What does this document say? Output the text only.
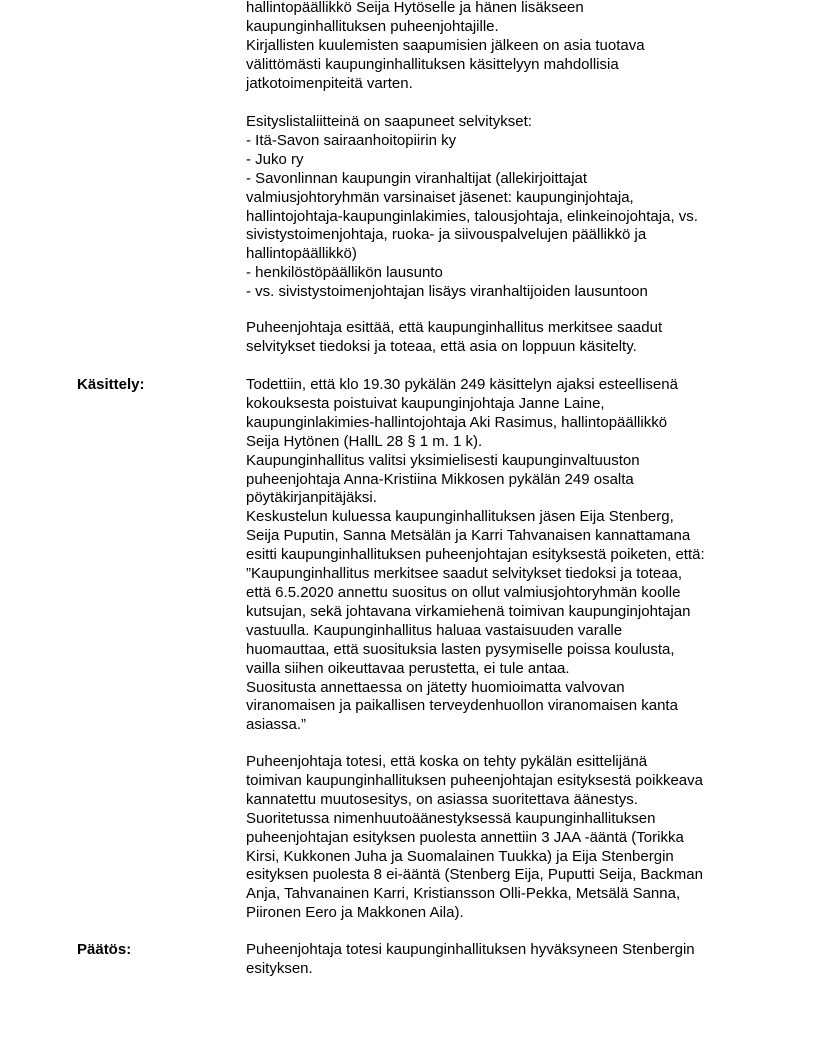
hallintopäällikkö Seija Hytöselle ja hänen lisäkseen
kaupunginhallituksen puheenjohtajille.
Kirjallisten kuulemisten saapumisien jälkeen on asia tuotava
välittömästi kaupunginhallituksen käsittelyyn mahdollisia
jatkotoimenpiteitä varten.
Esityslistaliitteinä on saapuneet selvitykset:
- Itä-Savon sairaanhoitopiirin ky
- Juko ry
- Savonlinnan kaupungin viranhaltijat (allekirjoittajat
valmiusjohtoryhmän varsinaiset jäsenet: kaupunginjohtaja,
hallintojohtaja-kaupunginlakimies, talousjohtaja, elinkeinojohtaja, vs.
sivistystoimenjohtaja, ruoka- ja siivouspalvelujen päällikkö ja
hallintopäällikkö)
- henkilöstöpäällikön lausunto
- vs. sivistystoimenjohtajan lisäys viranhaltijoiden lausuntoon
Puheenjohtaja esittää, että kaupunginhallitus merkitsee saadut
selvitykset tiedoksi ja toteaa, että asia on loppuun käsitelty.
Käsittely:	Todettiin, että klo 19.30 pykälän 249 käsittelyn ajaksi esteellisenä
kokouksesta poistuivat kaupunginjohtaja Janne Laine,
kaupunginlakimies-hallintojohtaja Aki Rasimus, hallintopäällikkö
Seija Hytönen (HallL 28 § 1 m. 1 k).
Kaupunginhallitus valitsi yksimielisesti kaupunginvaltuuston
puheenjohtaja Anna-Kristiina Mikkosen pykälän 249 osalta
pöytäkirjanpitäjäksi.
Keskustelun kuluessa kaupunginhallituksen jäsen Eija Stenberg,
Seija Puputin, Sanna Metsälän ja Karri Tahvanaisen kannattamana
esitti kaupunginhallituksen puheenjohtajan esityksestä poiketen, että:
”Kaupunginhallitus merkitsee saadut selvitykset tiedoksi ja toteaa,
että 6.5.2020 annettu suositus on ollut valmiusjohtoryhmän koolle
kutsujan, sekä johtavana virkamiehenä toimivan kaupunginjohtajan
vastuulla. Kaupunginhallitus haluaa vastaisuuden varalle
huomauttaa, että suosituksia lasten pysymiselle poissa koulusta,
vailla siihen oikeuttavaa perustetta, ei tule antaa.
Suositusta annettaessa on jätetty huomioimatta valvovan
viranomaisen ja paikallisen terveydenhuollon viranomaisen kanta
asiassa.”
Puheenjohtaja totesi, että koska on tehty pykälän esittelijänä
toimivan kaupunginhallituksen puheenjohtajan esityksestä poikkeava
kannatettu muutosesitys, on asiassa suoritettava äänestys.
Suoritetussa nimenhuutoäänestyksessä kaupunginhallituksen
puheenjohtajan esityksen puolesta annettiin 3 JAA -ääntä (Torikka
Kirsi, Kukkonen Juha ja Suomalainen Tuukka) ja Eija Stenbergin
esityksen puolesta 8 ei-ääntä (Stenberg Eija, Puputti Seija, Backman
Anja, Tahvanainen Karri, Kristiansson Olli-Pekka, Metsälä Sanna,
Piironen Eero ja Makkonen Aila).
Päätös:	Puheenjohtaja totesi kaupunginhallituksen hyväksyneen Stenbergin
esityksen.
